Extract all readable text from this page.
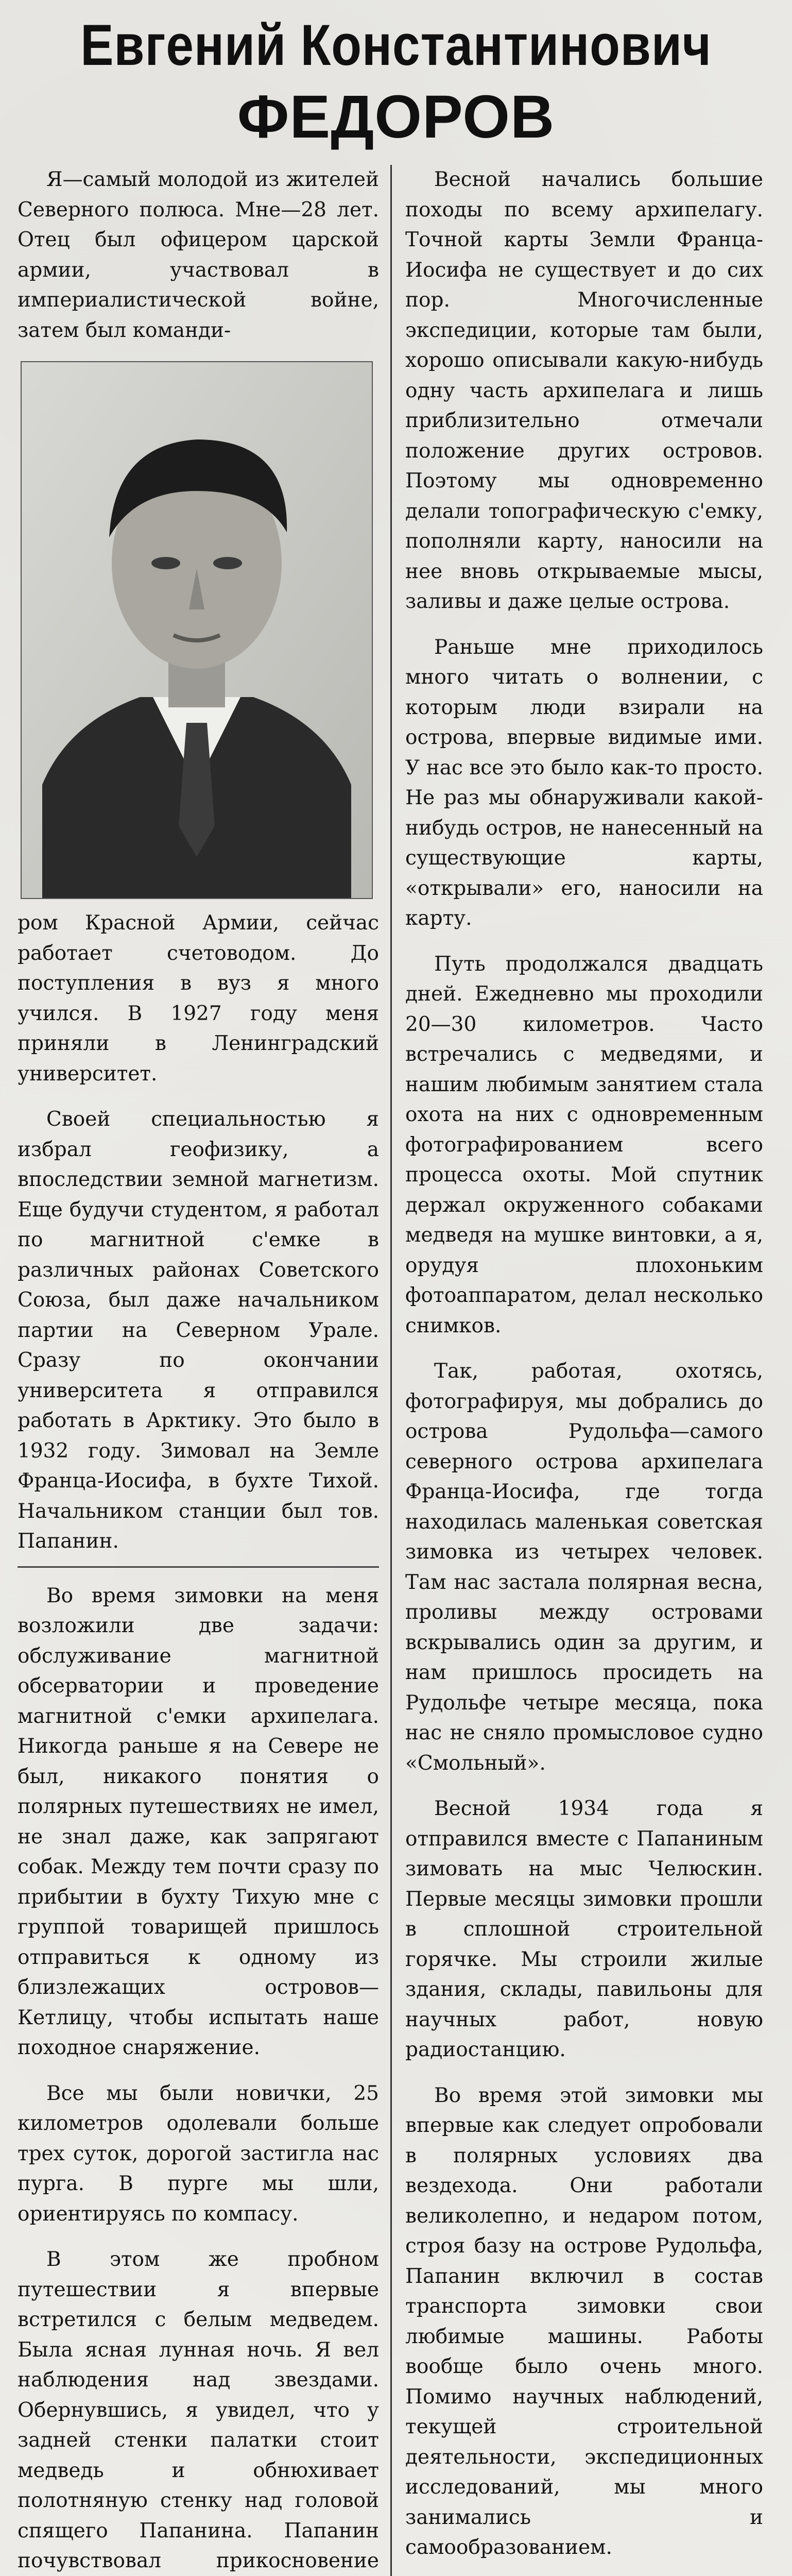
Евгений Константинович
ФЕДОРОВ

Я—самый молодой из жителей Северного полюса. Мне—28 лет. Отец был офицером царской армии, участвовал в империалистической войне, затем был команди-

ром Красной Армии, сейчас работает счетоводом. До поступления в вуз я много учился. В 1927 году меня приняли в Ленинградский университет.

Своей специальностью я избрал геофизику, а впоследствии земной магнетизм. Еще будучи студентом, я работал по магнитной с'емке в различных районах Советского Союза, был даже начальником партии на Северном Урале. Сразу по окончании университета я отправился работать в Арктику. Это было в 1932 году. Зимовал на Земле Франца-Иосифа, в бухте Тихой. Начальником станции был тов. Папанин.

Во время зимовки на меня возложили две задачи: обслуживание магнитной обсерватории и проведение магнитной с'емки архипелага. Никогда раньше я на Севере не был, никакого понятия о полярных путешествиях не имел, не знал даже, как запрягают собак. Между тем почти сразу по прибытии в бухту Тихую мне с группой товарищей пришлось отправиться к одному из близлежащих островов—Кетлицу, чтобы испытать наше походное снаряжение.

Все мы были новички, 25 километров одолевали больше трех суток, дорогой застигла нас пурга. В пурге мы шли, ориентируясь по компасу.

В этом же пробном путешествии я впервые встретился с белым медведем. Была ясная лунная ночь. Я вел наблюдения над звездами. Обернувшись, я увидел, что у задней стенки палатки стоит медведь и обнюхивает полотняную стенку над головой спящего Папанина. Папанин почувствовал прикосновение

Весной начались большие походы по всему архипелагу. Точной карты Земли Франца-Иосифа не существует и до сих пор. Многочисленные экспедиции, которые там были, хорошо описывали какую-нибудь одну часть архипелага и лишь приблизительно отмечали положение других островов. Поэтому мы одновременно делали топографическую с'емку, пополняли карту, наносили на нее вновь открываемые мысы, заливы и даже целые острова.

Раньше мне приходилось много читать о волнении, с которым люди взирали на острова, впервые видимые ими. У нас все это было как-то просто. Не раз мы обнаруживали какой-нибудь остров, не нанесенный на существующие карты, «открывали» его, наносили на карту.

Путь продолжался двадцать дней. Ежедневно мы проходили 20—30 километров. Часто встречались с медведями, и нашим любимым занятием стала охота на них с одновременным фотографированием всего процесса охоты. Мой спутник держал окруженного собаками медведя на мушке винтовки, а я, орудуя плохоньким фотоаппаратом, делал несколько снимков.

Так, работая, охотясь, фотографируя, мы добрались до острова Рудольфа—самого северного острова архипелага Франца-Иосифа, где тогда находилась маленькая советская зимовка из четырех человек. Там нас застала полярная весна, проливы между островами вскрывались один за другим, и нам пришлось просидеть на Рудольфе четыре месяца, пока нас не сняло промысловое судно «Смольный».

Весной 1934 года я отправился вместе с Папаниным зимовать на мыс Челюскин. Первые месяцы зимовки прошли в сплошной строительной горячке. Мы строили жилые здания, склады, павильоны для научных работ, новую радиостанцию.

Во время этой зимовки мы впервые как следует опробовали в полярных условиях два вездехода. Они работали великолепно, и недаром потом, строя базу на острове Рудольфа, Папанин включил в состав транспорта зимовки свои любимые машины. Работы вообще было очень много. Помимо научных наблюдений, текущей строительной деятельности, экспедиционных исследований, мы много занимались и самообразованием.
